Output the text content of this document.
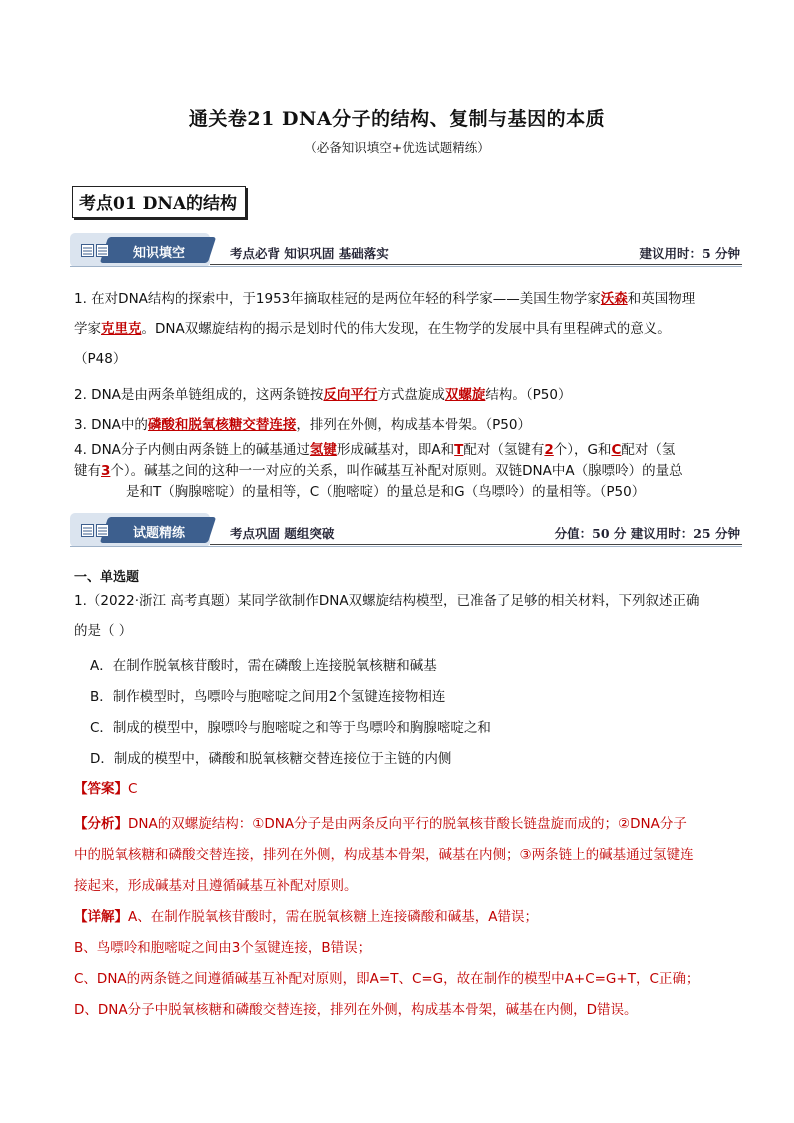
通关卷21 DNA分子的结构、复制与基因的本质
（必备知识填空+优选试题精练）
考点01 DNA的结构
知识填空	考点必背 知识巩固 基础落实	建议用时：5 分钟
1. 在对DNA结构的探索中，于1953年摘取桂冠的是两位年轻的科学家——美国生物学家沃森和英国物理
学家克里克。DNA双螺旋结构的揭示是划时代的伟大发现，在生物学的发展中具有里程碑式的意义。
（P48）
2. DNA是由两条单链组成的，这两条链按反向平行方式盘旋成双螺旋结构。（P50）
3. DNA中的磷酸和脱氧核糖交替连接，排列在外侧，构成基本骨架。（P50）
4. DNA分子内侧由两条链上的碱基通过氢键形成碱基对，即A和T配对（氢键有2个），G和C配对（氢
键有3个）。碱基之间的这种一一对应的关系，叫作碱基互补配对原则。双链DNA中A（腺嘌呤）的量总
是和T（胸腺嘧啶）的量相等，C（胞嘧啶）的量总是和G（鸟嘌呤）的量相等。（P50）
试题精练	考点巩固 题组突破	分值：50 分 建议用时：25 分钟
一、单选题
1.（2022·浙江 高考真题）某同学欲制作DNA双螺旋结构模型，已准备了足够的相关材料，下列叙述正确
的是（ ）
A．在制作脱氧核苷酸时，需在磷酸上连接脱氧核糖和碱基
B．制作模型时，鸟嘌呤与胞嘧啶之间用2个氢键连接物相连
C．制成的模型中，腺嘌呤与胞嘧啶之和等于鸟嘌呤和胸腺嘧啶之和
D．制成的模型中，磷酸和脱氧核糖交替连接位于主链的内侧
【答案】C
【分析】DNA的双螺旋结构：①DNA分子是由两条反向平行的脱氧核苷酸长链盘旋而成的；②DNA分子
中的脱氧核糖和磷酸交替连接，排列在外侧，构成基本骨架，碱基在内侧；③两条链上的碱基通过氢键连
接起来，形成碱基对且遵循碱基互补配对原则。
【详解】A、在制作脱氧核苷酸时，需在脱氧核糖上连接磷酸和碱基，A错误；
B、鸟嘌呤和胞嘧啶之间由3个氢键连接，B错误；
C、DNA的两条链之间遵循碱基互补配对原则，即A=T、C=G，故在制作的模型中A+C=G+T，C正确；
D、DNA分子中脱氧核糖和磷酸交替连接，排列在外侧，构成基本骨架，碱基在内侧，D错误。
